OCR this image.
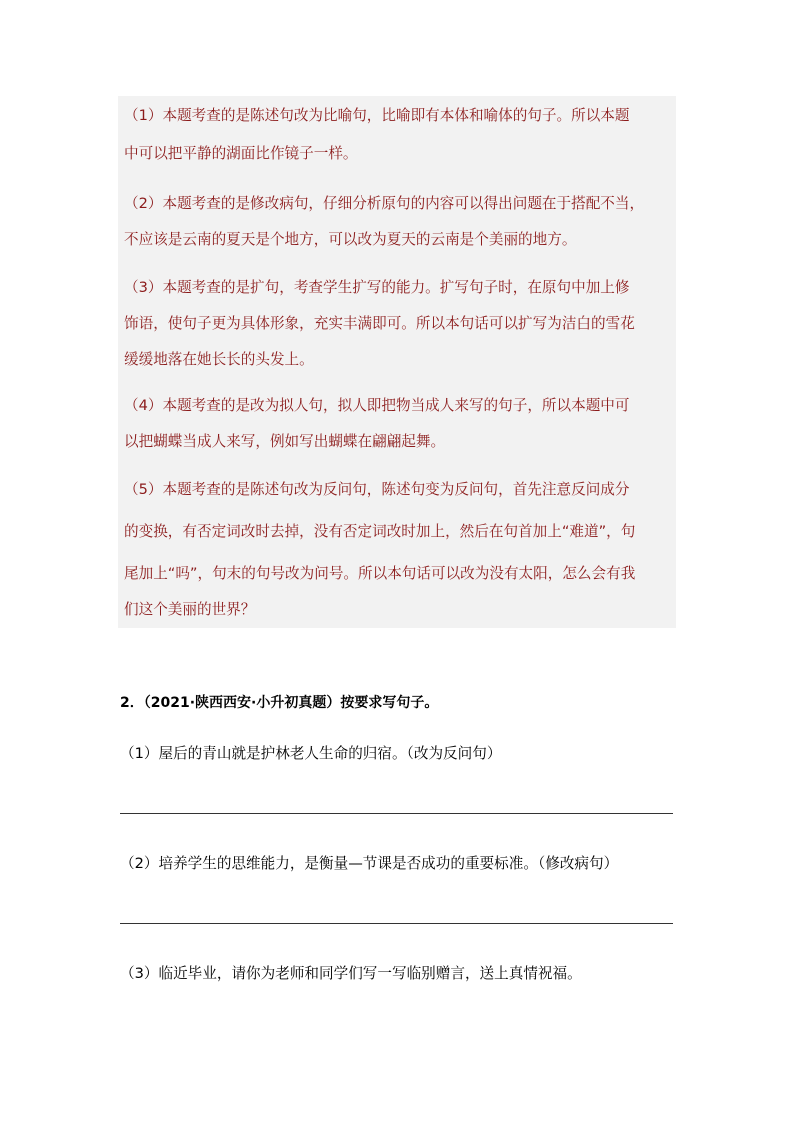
（1）本题考查的是陈述句改为比喻句，比喻即有本体和喻体的句子。所以本题
中可以把平静的湖面比作镜子一样。
（2）本题考查的是修改病句，仔细分析原句的内容可以得出问题在于搭配不当，
不应该是云南的夏天是个地方，可以改为夏天的云南是个美丽的地方。
（3）本题考查的是扩句，考查学生扩写的能力。扩写句子时，在原句中加上修
饰语，使句子更为具体形象，充实丰满即可。所以本句话可以扩写为洁白的雪花
缓缓地落在她长长的头发上。
（4）本题考查的是改为拟人句，拟人即把物当成人来写的句子，所以本题中可
以把蝴蝶当成人来写，例如写出蝴蝶在翩翩起舞。
（5）本题考查的是陈述句改为反问句，陈述句变为反问句，首先注意反问成分
的变换，有否定词改时去掉，没有否定词改时加上，然后在句首加上“难道”，句
尾加上“吗”，句末的句号改为问号。所以本句话可以改为没有太阳，怎么会有我
们这个美丽的世界？
2．（2021·陕西西安·小升初真题）按要求写句子。
（1）屋后的青山就是护林老人生命的归宿。（改为反问句）
（2）培养学生的思维能力，是衡量—节课是否成功的重要标准。（修改病句）
（3）临近毕业，请你为老师和同学们写一写临别赠言，送上真情祝福。
